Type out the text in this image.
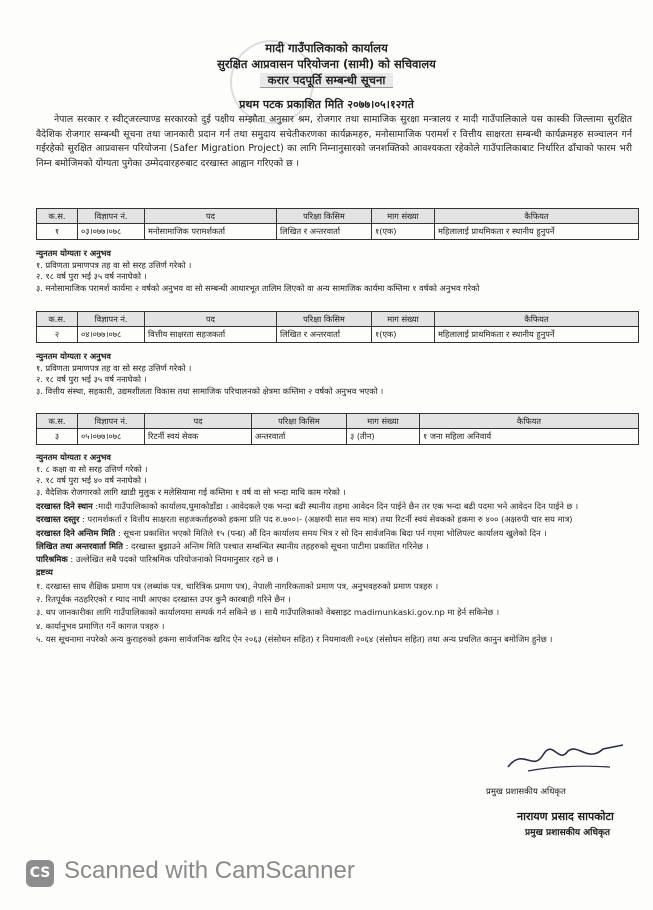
मादी गाउँपालिकाको कार्यालय
सुरक्षित आप्रवासन परियोजना (सामी) को सचिवालय
करार पदपूर्ति सम्बन्धी सूचना
प्रथम पटक प्रकाशित मिति २०७७।०५।१२गते
नेपाल सरकार र स्वीट्जरल्याण्ड सरकारको दुई पक्षीय सम्झौता अनुसार श्रम, रोजगार तथा सामाजिक सुरक्षा मन्त्रालय र मादी गाउँपालिकाले यस कास्की जिल्लामा सुरक्षित वैदेशिक रोजगार सम्बन्धी सूचना तथा जानकारी प्रदान गर्न तथा समुदाय सचेतीकरणका कार्यक्रमहरु, मनोसामाजिक परामर्श र वित्तीय साक्षरता सम्बन्धी कार्यक्रमहरु सञ्चालन गर्न गईरहेको सुरक्षित आप्रवासन परियोजना (Safer Migration Project) का लागि निम्नानुसारको जनशक्तिको आवश्यकता रहेकोले गाउँपालिकाबाट निर्धारित ढाँचाको फारम भरी निम्न बमोजिमको योग्यता पुगेका उम्मेदवारहरुबाट दरखास्त आह्वान गरिएको छ ।
क.स.	विज्ञापन नं.	पद	परिक्षा किसिम	माग संख्या	कैफियत
१	०३।०७७।०७८	मनोसामाजिक परामर्शकर्ता	लिखित र अन्तरवार्ता	१(एक)	महिलालाई प्राथमिकता र स्थानीय हुनुपर्ने
न्युनतम योग्यता र अनुभव
१. प्रविणता प्रमाणपत्र तह वा सो सरह उत्तिर्ण गरेको ।
२. १८ वर्ष पुरा भई ३५ वर्ष ननाघेको ।
३. मनोसामाजिक परामर्श कार्यमा २ वर्षको अनुभव वा सो सम्बन्धी आधारभूत तालिम लिएको वा अन्य सामाजिक कार्यमा कम्तिमा १ वर्षको अनुभव गरेको
क.स.	विज्ञापन नं.	पद	परिक्षा किसिम	माग संख्या	कैफियत
२	०४।०७७।०७८	वित्तीय साक्षरता सहजकर्ता	लिखित र अन्तरवार्ता	१(एक)	महिलालाई प्राथमिकता र स्थानीय हुनुपर्ने
न्युनतम योग्यता र अनुभव
१. प्रविणता प्रमाणपत्र तह वा सो सरह उत्तिर्ण गरेको ।
२. १८ वर्ष पुरा भई ३५ वर्ष ननाघेको ।
३. वित्तीय संस्था, सहकारी, उद्यमशीलता विकास तथा सामाजिक परिचालनको क्षेत्रमा कम्तिमा २ वर्षको अनुभव भएको ।
क.स.	विज्ञापन नं.	पद	परिक्षा किसिम	माग संख्या	कैफियत
३	०५।०७७।०७८	रिटर्नी स्वयं सेवक	अन्तरवार्ता	३ (तीन)	१ जना महिला अनिवार्य
न्युनतम योग्यता र अनुभव
१. ८ कक्षा वा सो सरह उत्तिर्ण गरेको ।
२. १८ वर्ष पुरा भई ४० वर्ष ननाघेको ।
३. वैदेशिक रोजगारको लागि खाडी मुलुक र मलेसियामा गई कम्तिमा १ वर्ष वा सो भन्दा माथि काम गरेको ।

दरखास्त दिने स्थान :मादी गाउँपालिकाको कार्यालय,घुमाकोडाँडा । आवेदकले एक भन्दा बढी स्थानीय तहमा आवेदन दिन पाईने छैन तर एक भन्दा बढी पदमा भने आवेदन दिन पाईने छ ।

दरखास्त दस्तुर : परामर्शकर्ता र वित्तीय साक्षरता सहजकर्ताहरुको हकमा प्रति पद रु.७००।- (अक्षरुपी सात सय मात्र) तथा रिटर्नी स्वयं सेवकको हकमा रु ४०० (अक्षरुपी चार सय मात्र)

दरखास्त दिने अन्तिम मिति : सूचना प्रकाशित भएको मितिले १५ (पन्ध्र) औं दिन कार्यालय समय भित्र र सो दिन सार्वजनिक बिदा पर्न गएमा भोलिपल्ट कार्यालय खुलेको दिन ।

लिखित तथा अन्तरवार्ता मिति : दरखास्त बुझाउने अन्तिम मिति पश्चात सम्बन्धित स्थानीय तहहरुको सूचना पाटीमा प्रकाशित गरिनेछ ।

पारिश्रमिक : उल्लेखित सबै पदको पारिश्रमिक परियोजनाको नियमानुसार रहने छ ।

द्रष्टव्य

१. दरखास्त साथ शैक्षिक प्रमाण पत्र (लब्धांक पत्र, चारित्रिक प्रमाण पत्र), नेपाली नागरिकताको प्रमाण पत्र, अनुभवहरुको प्रमाण पत्रहरु ।

२. रितपूर्वक नठहरिएको र म्याद नाघी आएका दरखास्त उपर कुनै कारबाही गरिने छैन ।

३. थप जानकारीका लागि गाउँपालिकाको कार्यालयमा सम्पर्क गर्न सकिने छ । साथै गाउँपालिकाको वेबसाइट madimunkaski.gov.np मा हेर्न सकिनेछ ।

४. कार्यानुभव प्रमाणित गर्ने कागज पत्रहरु ।

५. यस सूचनामा नपरेको अन्य कुराहरुको हकमा सार्वजनिक खरिद ऐन २०६३ (संसोधन सहित) र नियमावली २०६४ (संसोधन सहित) तथा अन्य प्रचलित कानुन बमोजिम हुनेछ ।

प्रमुख प्रशासकीय अधिकृत
नारायण प्रसाद सापकोटा
प्रमुख प्रशासकीय अधिकृत
CS Scanned with CamScanner
